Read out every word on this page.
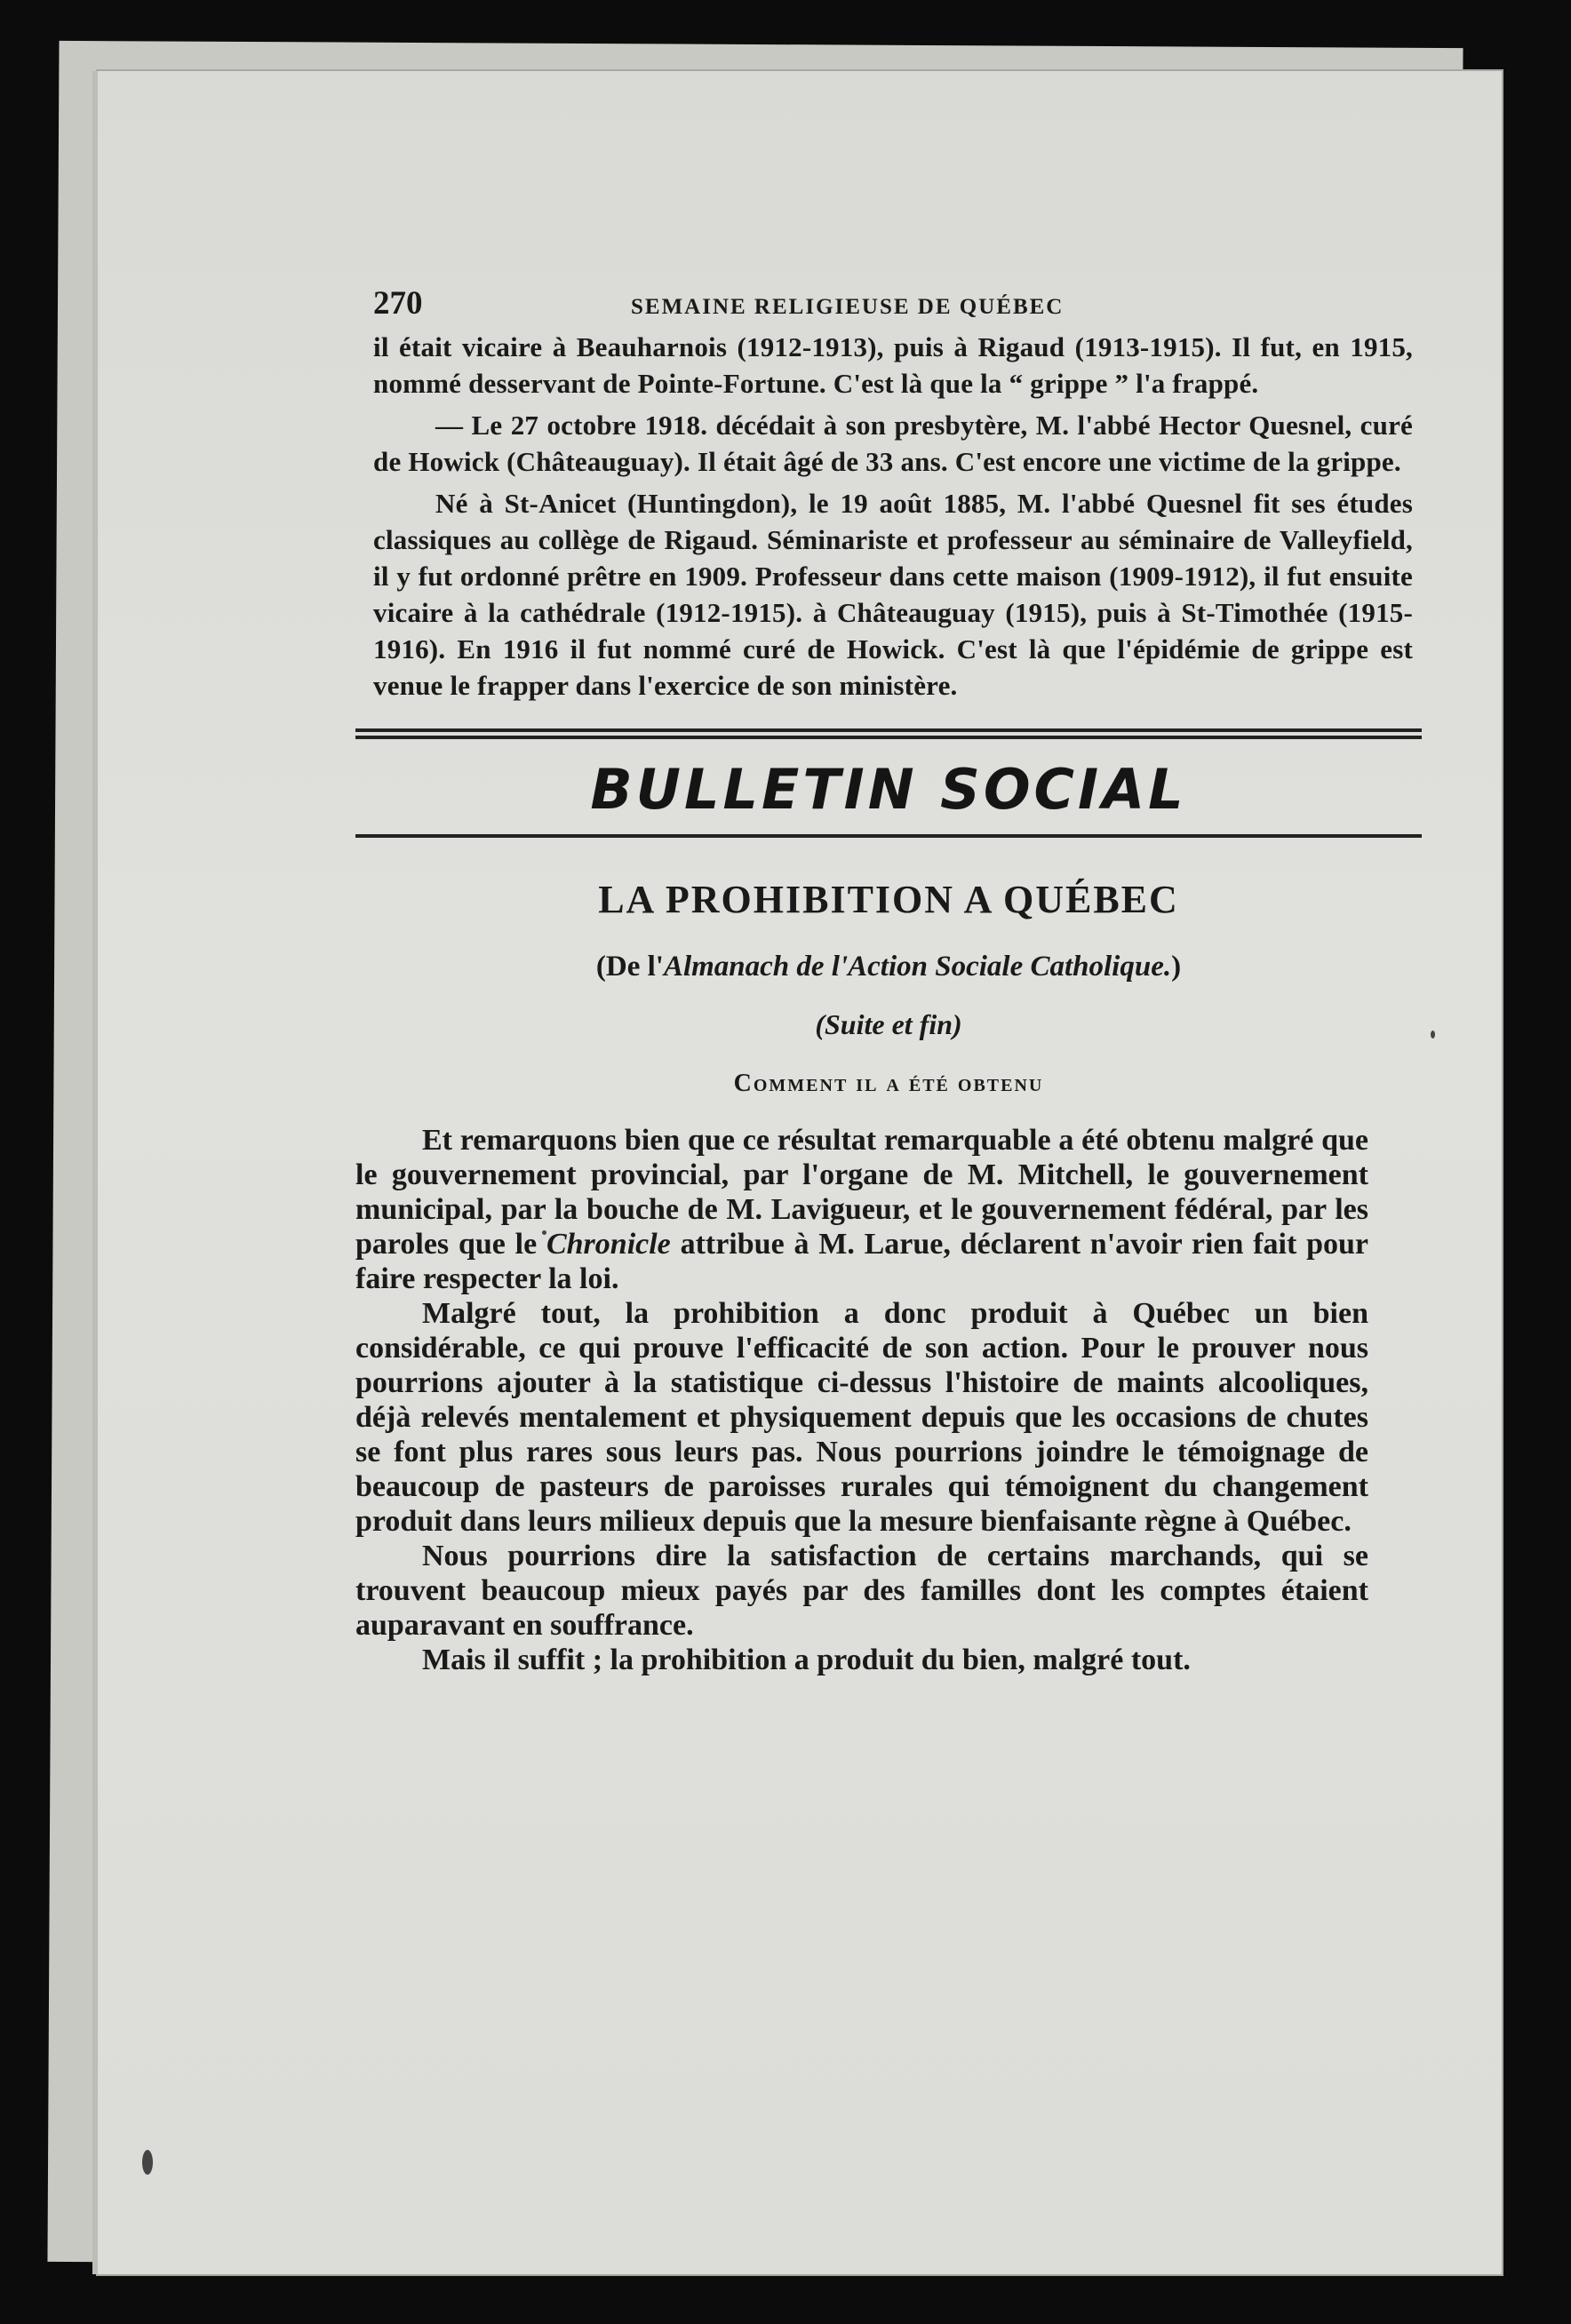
270	SEMAINE RELIGIEUSE DE QUÉBEC

il était vicaire à Beauharnois (1912-1913), puis à Rigaud (1913-1915). Il fut, en 1915, nommé desservant de Pointe-Fortune. C'est là que la “ grippe ” l'a frappé.

— Le 27 octobre 1918. décédait à son presbytère, M. l'abbé Hector Quesnel, curé de Howick (Châteauguay). Il était âgé de 33 ans. C'est encore une victime de la grippe.

Né à St-Anicet (Huntingdon), le 19 août 1885, M. l'abbé Quesnel fit ses études classiques au collège de Rigaud. Séminariste et professeur au séminaire de Valleyfield, il y fut ordonné prêtre en 1909. Professeur dans cette maison (1909-1912), il fut ensuite vicaire à la cathédrale (1912-1915). à Châteauguay (1915), puis à St-Timothée (1915-1916). En 1916 il fut nommé curé de Howick. C'est là que l'épidémie de grippe est venue le frapper dans l'exercice de son ministère.

BULLETIN SOCIAL
LA PROHIBITION A QUÉBEC
(De l'Almanach de l'Action Sociale Catholique.)
(Suite et fin)
Comment il a été obtenu

Et remarquons bien que ce résultat remarquable a été obtenu malgré que le gouvernement provincial, par l'organe de M. Mitchell, le gouvernement municipal, par la bouche de M. Lavigueur, et le gouvernement fédéral, par les paroles que le Chronicle attribue à M. Larue, déclarent n'avoir rien fait pour faire respecter la loi.

Malgré tout, la prohibition a donc produit à Québec un bien considérable, ce qui prouve l'efficacité de son action. Pour le prouver nous pourrions ajouter à la statistique ci-dessus l'histoire de maints alcooliques, déjà relevés mentalement et physiquement depuis que les occasions de chutes se font plus rares sous leurs pas. Nous pourrions joindre le témoignage de beaucoup de pasteurs de paroisses rurales qui témoignent du changement produit dans leurs milieux depuis que la mesure bienfaisante règne à Québec.

Nous pourrions dire la satisfaction de certains marchands, qui se trouvent beaucoup mieux payés par des familles dont les comptes étaient auparavant en souffrance.

Mais il suffit ; la prohibition a produit du bien, malgré tout.
